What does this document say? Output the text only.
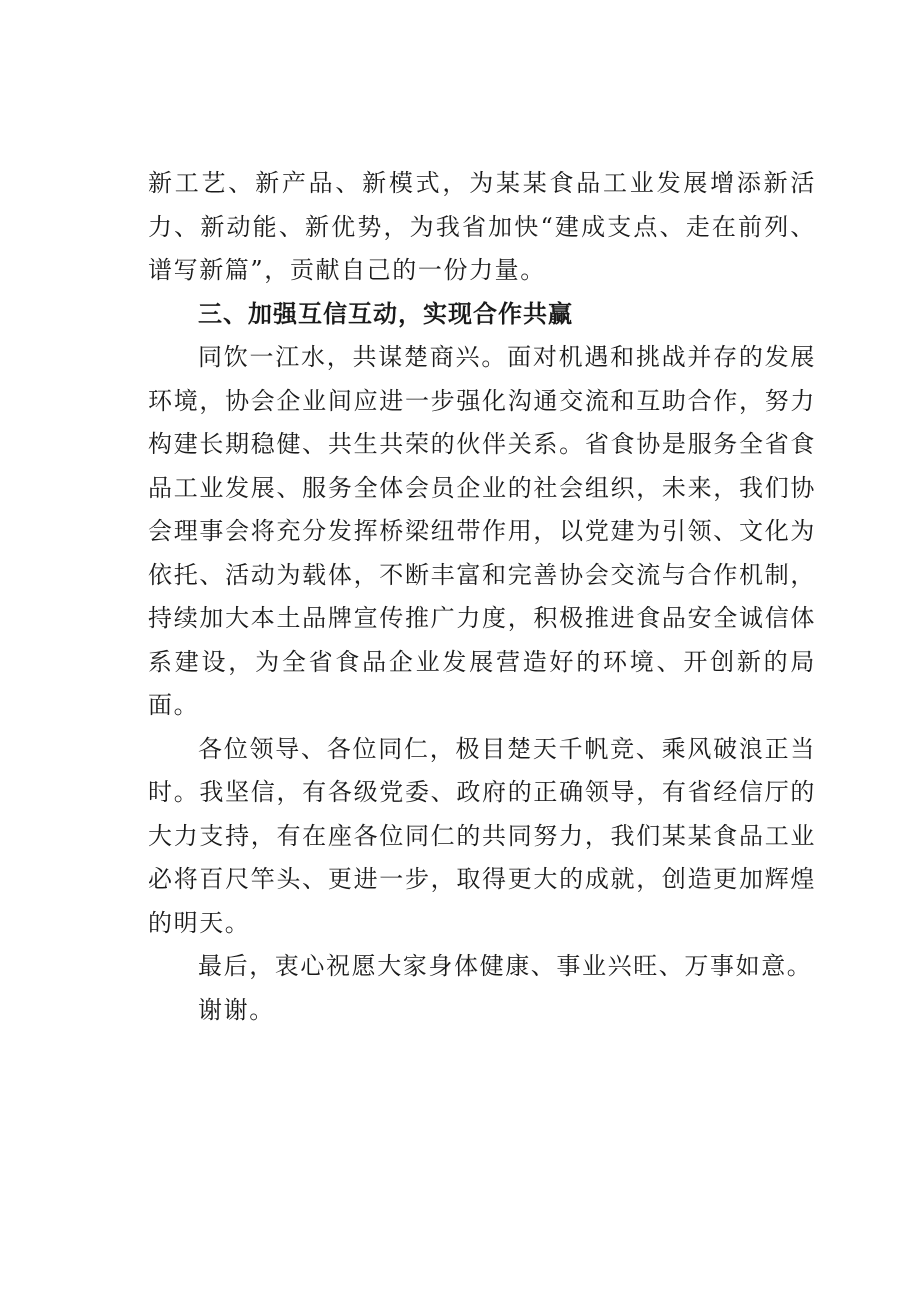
新工艺、新产品、新模式，为某某食品工业发展增添新活力、新动能、新优势，为我省加快“建成支点、走在前列、谱写新篇”，贡献自己的一份力量。

三、加强互信互动，实现合作共赢

同饮一江水，共谋楚商兴。面对机遇和挑战并存的发展环境，协会企业间应进一步强化沟通交流和互助合作，努力构建长期稳健、共生共荣的伙伴关系。省食协是服务全省食品工业发展、服务全体会员企业的社会组织，未来，我们协会理事会将充分发挥桥梁纽带作用，以党建为引领、文化为依托、活动为载体，不断丰富和完善协会交流与合作机制，持续加大本土品牌宣传推广力度，积极推进食品安全诚信体系建设，为全省食品企业发展营造好的环境、开创新的局面。

各位领导、各位同仁，极目楚天千帆竞、乘风破浪正当时。我坚信，有各级党委、政府的正确领导，有省经信厅的大力支持，有在座各位同仁的共同努力，我们某某食品工业必将百尺竿头、更进一步，取得更大的成就，创造更加辉煌的明天。

最后，衷心祝愿大家身体健康、事业兴旺、万事如意。

谢谢。
